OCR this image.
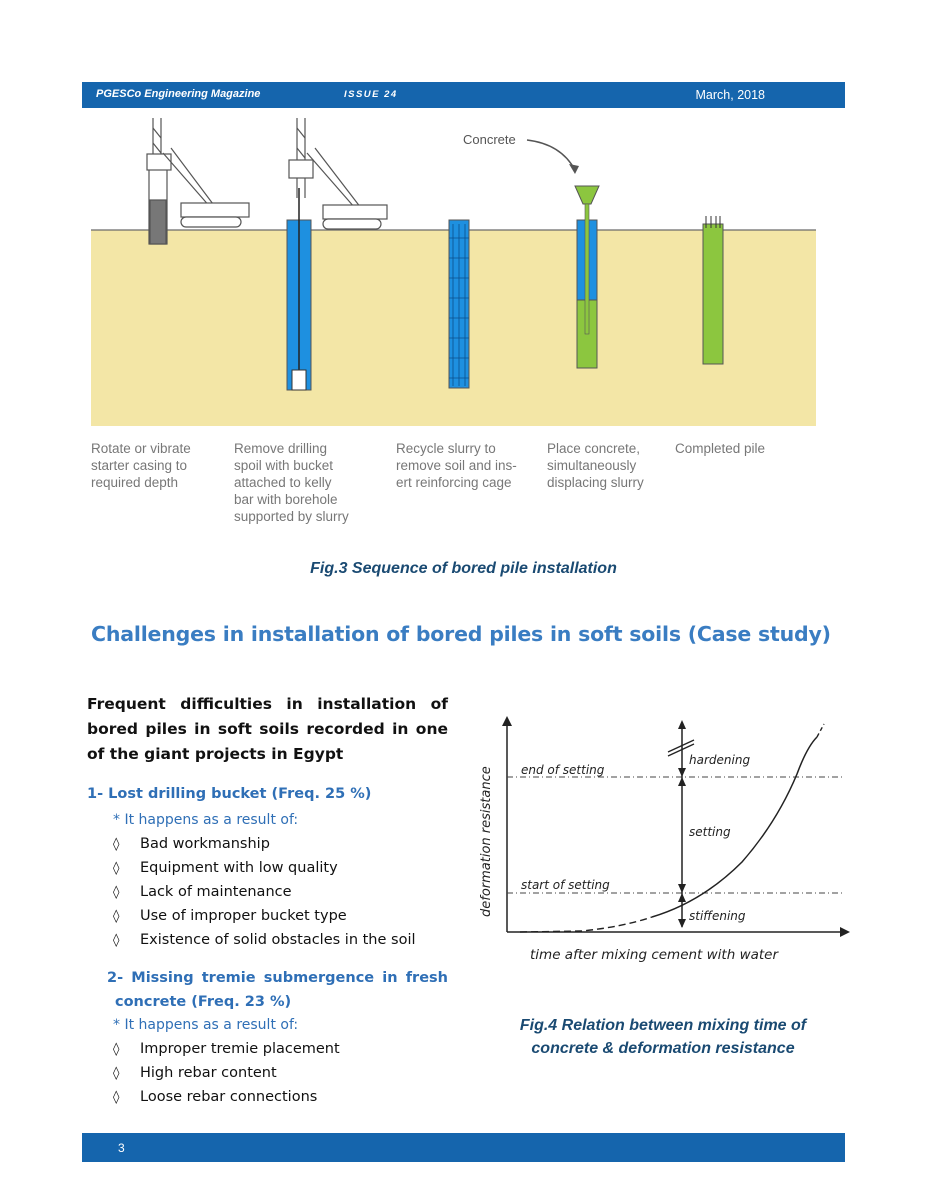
PGESCo Engineering Magazine	ISSUE 24	March, 2018
Concrete
Rotate or vibrate
starter casing to
required depth
Remove drilling
spoil with bucket
attached to kelly
bar with borehole
supported by slurry
Recycle slurry to
remove soil and ins-
ert reinforcing cage
Place concrete,
simultaneously
displacing slurry
Completed pile
Fig.3 Sequence of bored pile installation
Challenges in installation of bored piles in soft soils (Case study)
Frequent difficulties in installation of bored piles in soft soils recorded in one of the giant projects in Egypt
1- Lost drilling bucket (Freq. 25 %)
* It happens as a result of:
◊ Bad workmanship
◊ Equipment with low quality
◊ Lack of maintenance
◊ Use of improper bucket type
◊ Existence of solid obstacles in the soil
2- Missing tremie submergence in fresh
concrete (Freq. 23 %)
* It happens as a result of:
◊ Improper tremie placement
◊ High rebar content
◊ Loose rebar connections
deformation resistance
time after mixing cement with water
end of setting
start of setting
hardening
setting
stiffening
Fig.4 Relation between mixing time of
concrete & deformation resistance
3
